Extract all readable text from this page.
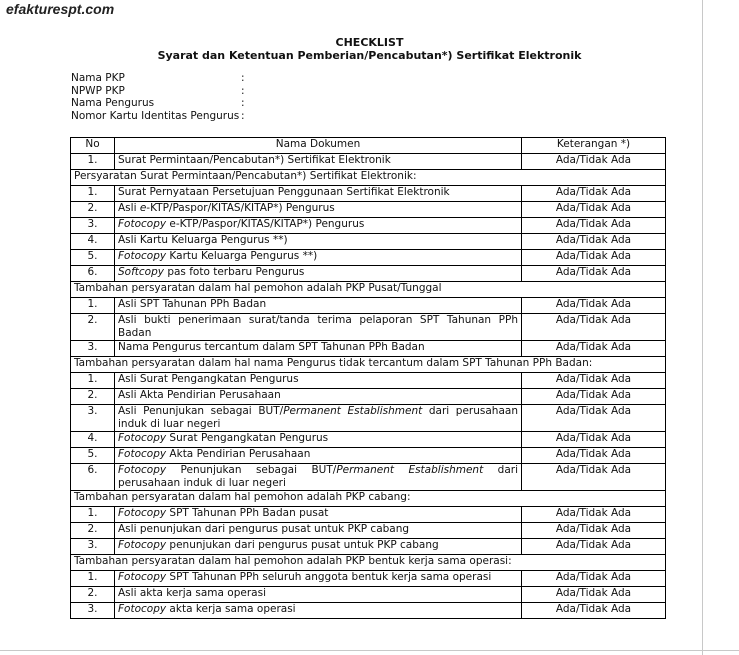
efakturespt.com
CHECKLIST
Syarat dan Ketentuan Pemberian/Pencabutan*) Sertifikat Elektronik
Nama PKP	:
NPWP PKP	:
Nama Pengurus	:
Nomor Kartu Identitas Pengurus :
No	Nama Dokumen	Keterangan *)
1.	Surat Permintaan/Pencabutan*) Sertifikat Elektronik	Ada/Tidak Ada
Persyaratan Surat Permintaan/Pencabutan*) Sertifikat Elektronik:		
1.	Surat Pernyataan Persetujuan Penggunaan Sertifikat Elektronik	Ada/Tidak Ada
2.	Asli e-KTP/Paspor/KITAS/KITAP*) Pengurus	Ada/Tidak Ada
3.	Fotocopy e-KTP/Paspor/KITAS/KITAP*) Pengurus	Ada/Tidak Ada
4.	Asli Kartu Keluarga Pengurus **)	Ada/Tidak Ada
5.	Fotocopy Kartu Keluarga Pengurus **)	Ada/Tidak Ada
6.	Softcopy pas foto terbaru Pengurus	Ada/Tidak Ada
Tambahan persyaratan dalam hal pemohon adalah PKP Pusat/Tunggal		
1.	Asli SPT Tahunan PPh Badan	Ada/Tidak Ada
2.	Asli bukti penerimaan surat/tanda terima pelaporan SPT Tahunan PPh Badan	Ada/Tidak Ada
3.	Nama Pengurus tercantum dalam SPT Tahunan PPh Badan	Ada/Tidak Ada
Tambahan persyaratan dalam hal nama Pengurus tidak tercantum dalam SPT Tahunan PPh Badan:		
1.	Asli Surat Pengangkatan Pengurus	Ada/Tidak Ada
2.	Asli Akta Pendirian Perusahaan	Ada/Tidak Ada
3.	Asli Penunjukan sebagai BUT/Permanent Establishment dari perusahaan induk di luar negeri	Ada/Tidak Ada
4.	Fotocopy Surat Pengangkatan Pengurus	Ada/Tidak Ada
5.	Fotocopy Akta Pendirian Perusahaan	Ada/Tidak Ada
6.	Fotocopy Penunjukan sebagai BUT/Permanent Establishment dari perusahaan induk di luar negeri	Ada/Tidak Ada
Tambahan persyaratan dalam hal pemohon adalah PKP cabang:		
1.	Fotocopy SPT Tahunan PPh Badan pusat	Ada/Tidak Ada
2.	Asli penunjukan dari pengurus pusat untuk PKP cabang	Ada/Tidak Ada
3.	Fotocopy penunjukan dari pengurus pusat untuk PKP cabang	Ada/Tidak Ada
Tambahan persyaratan dalam hal pemohon adalah PKP bentuk kerja sama operasi:		
1.	Fotocopy SPT Tahunan PPh seluruh anggota bentuk kerja sama operasi	Ada/Tidak Ada
2.	Asli akta kerja sama operasi	Ada/Tidak Ada
3.	Fotocopy akta kerja sama operasi	Ada/Tidak Ada
